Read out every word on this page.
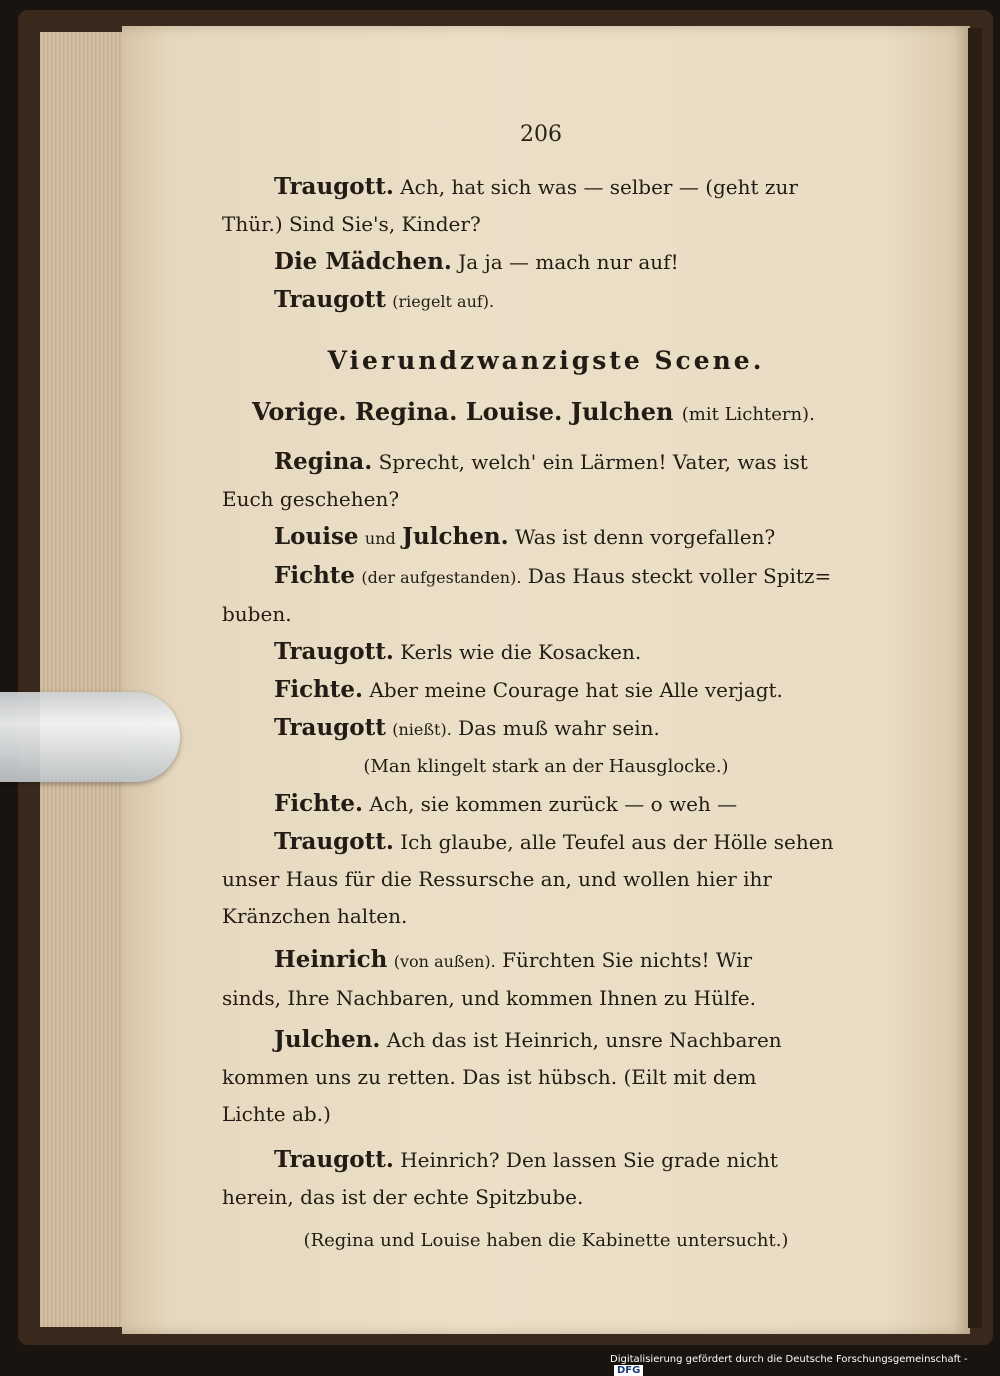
206
Traugott. Ach, hat sich was — selber — (geht zur
Thür.) Sind Sie's, Kinder?
Die Mädchen. Ja ja — mach nur auf!
Traugott (riegelt auf).
Vierundzwanzigste Scene.
Vorige. Regina. Louise. Julchen (mit Lichtern).
Regina. Sprecht, welch' ein Lärmen! Vater, was ist
Euch geschehen?
Louise und Julchen. Was ist denn vorgefallen?
Fichte (der aufgestanden). Das Haus steckt voller Spitz=
buben.
Traugott. Kerls wie die Kosacken.
Fichte. Aber meine Courage hat sie Alle verjagt.
Traugott (nießt). Das muß wahr sein.
(Man klingelt stark an der Hausglocke.)
Fichte. Ach, sie kommen zurück — o weh —
Traugott. Ich glaube, alle Teufel aus der Hölle sehen
unser Haus für die Ressursche an, und wollen hier ihr
Kränzchen halten.
Heinrich (von außen). Fürchten Sie nichts! Wir
sinds, Ihre Nachbaren, und kommen Ihnen zu Hülfe.
Julchen. Ach das ist Heinrich, unsre Nachbaren
kommen uns zu retten. Das ist hübsch. (Eilt mit dem
Lichte ab.)
Traugott. Heinrich? Den lassen Sie grade nicht
herein, das ist der echte Spitzbube.
(Regina und Louise haben die Kabinette untersucht.)
Digitalisierung gefördert durch die Deutsche Forschungsgemeinschaft -DFG
